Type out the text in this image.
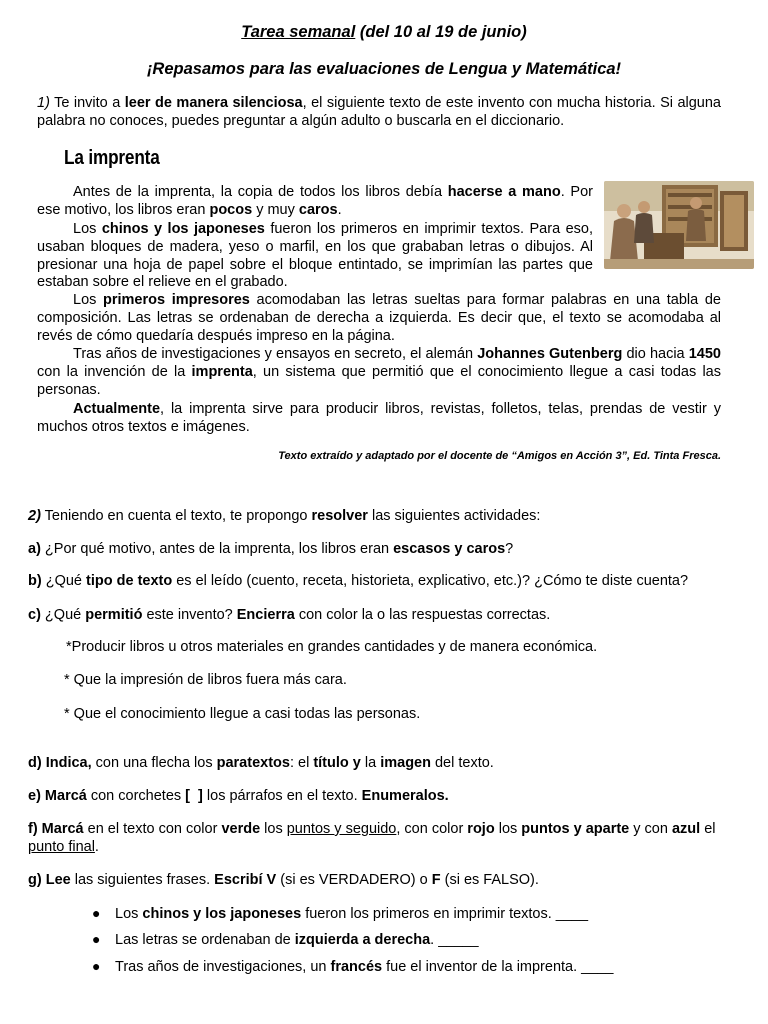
Tarea semanal (del 10 al 19 de junio)
¡Repasamos para las evaluaciones de Lengua y Matemática!
1) Te invito a leer de manera silenciosa, el siguiente texto de este invento con mucha historia. Si alguna palabra no conoces, puedes preguntar a algún adulto o buscarla en el diccionario.
La imprenta
Antes de la imprenta, la copia de todos los libros debía hacerse a mano. Por ese motivo, los libros eran pocos y muy caros.
Los chinos y los japoneses fueron los primeros en imprimir textos. Para eso, usaban bloques de madera, yeso o marfil, en los que grababan letras o dibujos. Al presionar una hoja de papel sobre el bloque entintado, se imprimían las partes que estaban sobre el relieve en el grabado.
Los primeros impresores acomodaban las letras sueltas para formar palabras en una tabla de composición. Las letras se ordenaban de derecha a izquierda. Es decir que, el texto se acomodaba al revés de cómo quedaría después impreso en la página.
Tras años de investigaciones y ensayos en secreto, el alemán Johannes Gutenberg dio hacia 1450 con la invención de la imprenta, un sistema que permitió que el conocimiento llegue a casi todas las personas.
Actualmente, la imprenta sirve para producir libros, revistas, folletos, telas, prendas de vestir y muchos otros textos e imágenes.
Texto extraído y adaptado por el docente de “Amigos en Acción 3”, Ed. Tinta Fresca.
2) Teniendo en cuenta el texto, te propongo resolver las siguientes actividades:
a) ¿Por qué motivo, antes de la imprenta, los libros eran escasos y caros?
b) ¿Qué tipo de texto es el leído (cuento, receta, historieta, explicativo, etc.)? ¿Cómo te diste cuenta?
c) ¿Qué permitió este invento? Encierra con color la o las respuestas correctas.
*Producir libros u otros materiales en grandes cantidades y de manera económica.
* Que la impresión de libros fuera más cara.
* Que el conocimiento llegue a casi todas las personas.
d) Indica, con una flecha los paratextos: el título y la imagen del texto.
e) Marcá con corchetes [  ] los párrafos en el texto. Enumeralos.
f) Marcá en el texto con color verde los puntos y seguido, con color rojo los puntos y aparte y con azul el punto final.
g) Lee las siguientes frases. Escribí V (si es VERDADERO) o F (si es FALSO).
● Los chinos y los japoneses fueron los primeros en imprimir textos. ____
● Las letras se ordenaban de izquierda a derecha. _____
● Tras años de investigaciones, un francés fue el inventor de la imprenta. ____
